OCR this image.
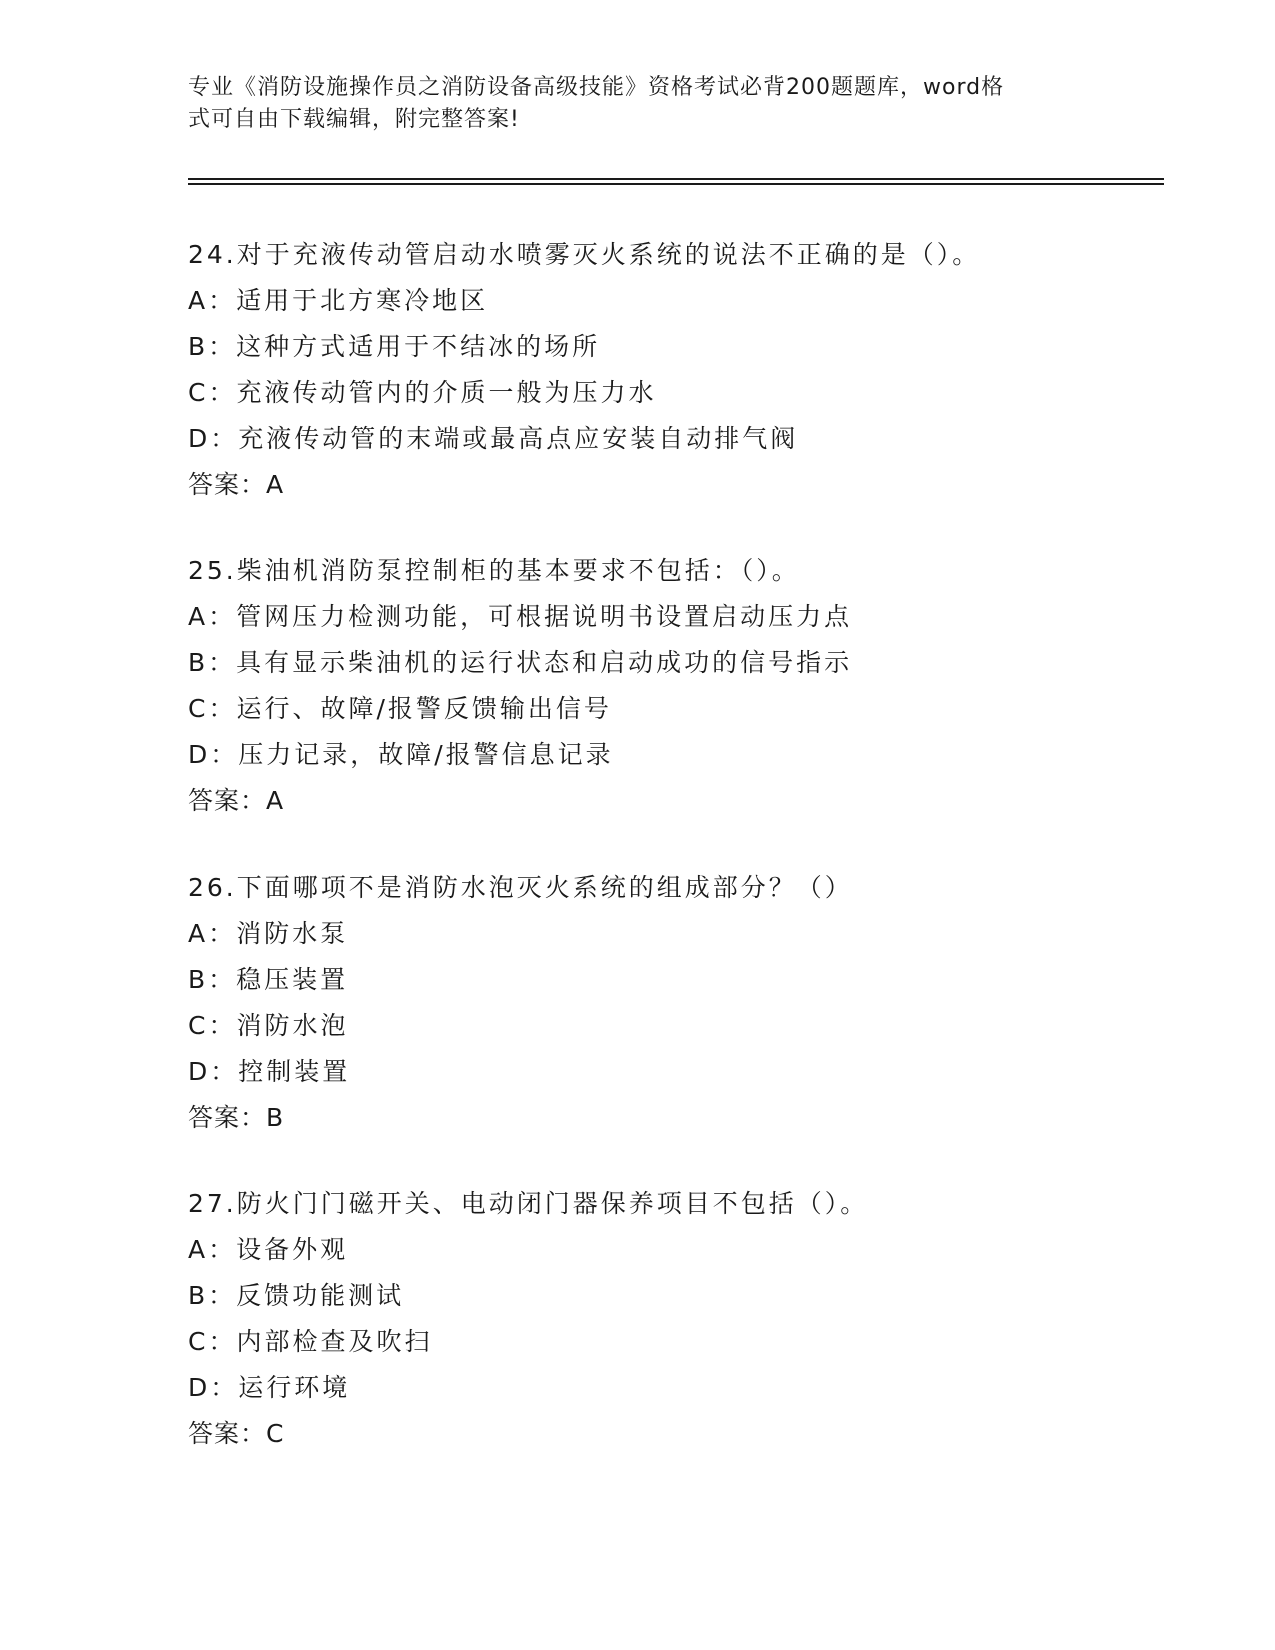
专业《消防设施操作员之消防设备高级技能》资格考试必背200题题库，word格
式可自由下载编辑，附完整答案!
24.对于充液传动管启动水喷雾灭火系统的说法不正确的是（）。
A：适用于北方寒冷地区
B：这种方式适用于不结冰的场所
C：充液传动管内的介质一般为压力水
D：充液传动管的末端或最高点应安装自动排气阀
答案：A
25.柴油机消防泵控制柜的基本要求不包括：（）。
A：管网压力检测功能，可根据说明书设置启动压力点
B：具有显示柴油机的运行状态和启动成功的信号指示
C：运行、故障/报警反馈输出信号
D：压力记录，故障/报警信息记录
答案：A
26.下面哪项不是消防水泡灭火系统的组成部分？（）
A：消防水泵
B：稳压装置
C：消防水泡
D：控制装置
答案：B
27.防火门门磁开关、电动闭门器保养项目不包括（）。
A：设备外观
B：反馈功能测试
C：内部检查及吹扫
D：运行环境
答案：C
